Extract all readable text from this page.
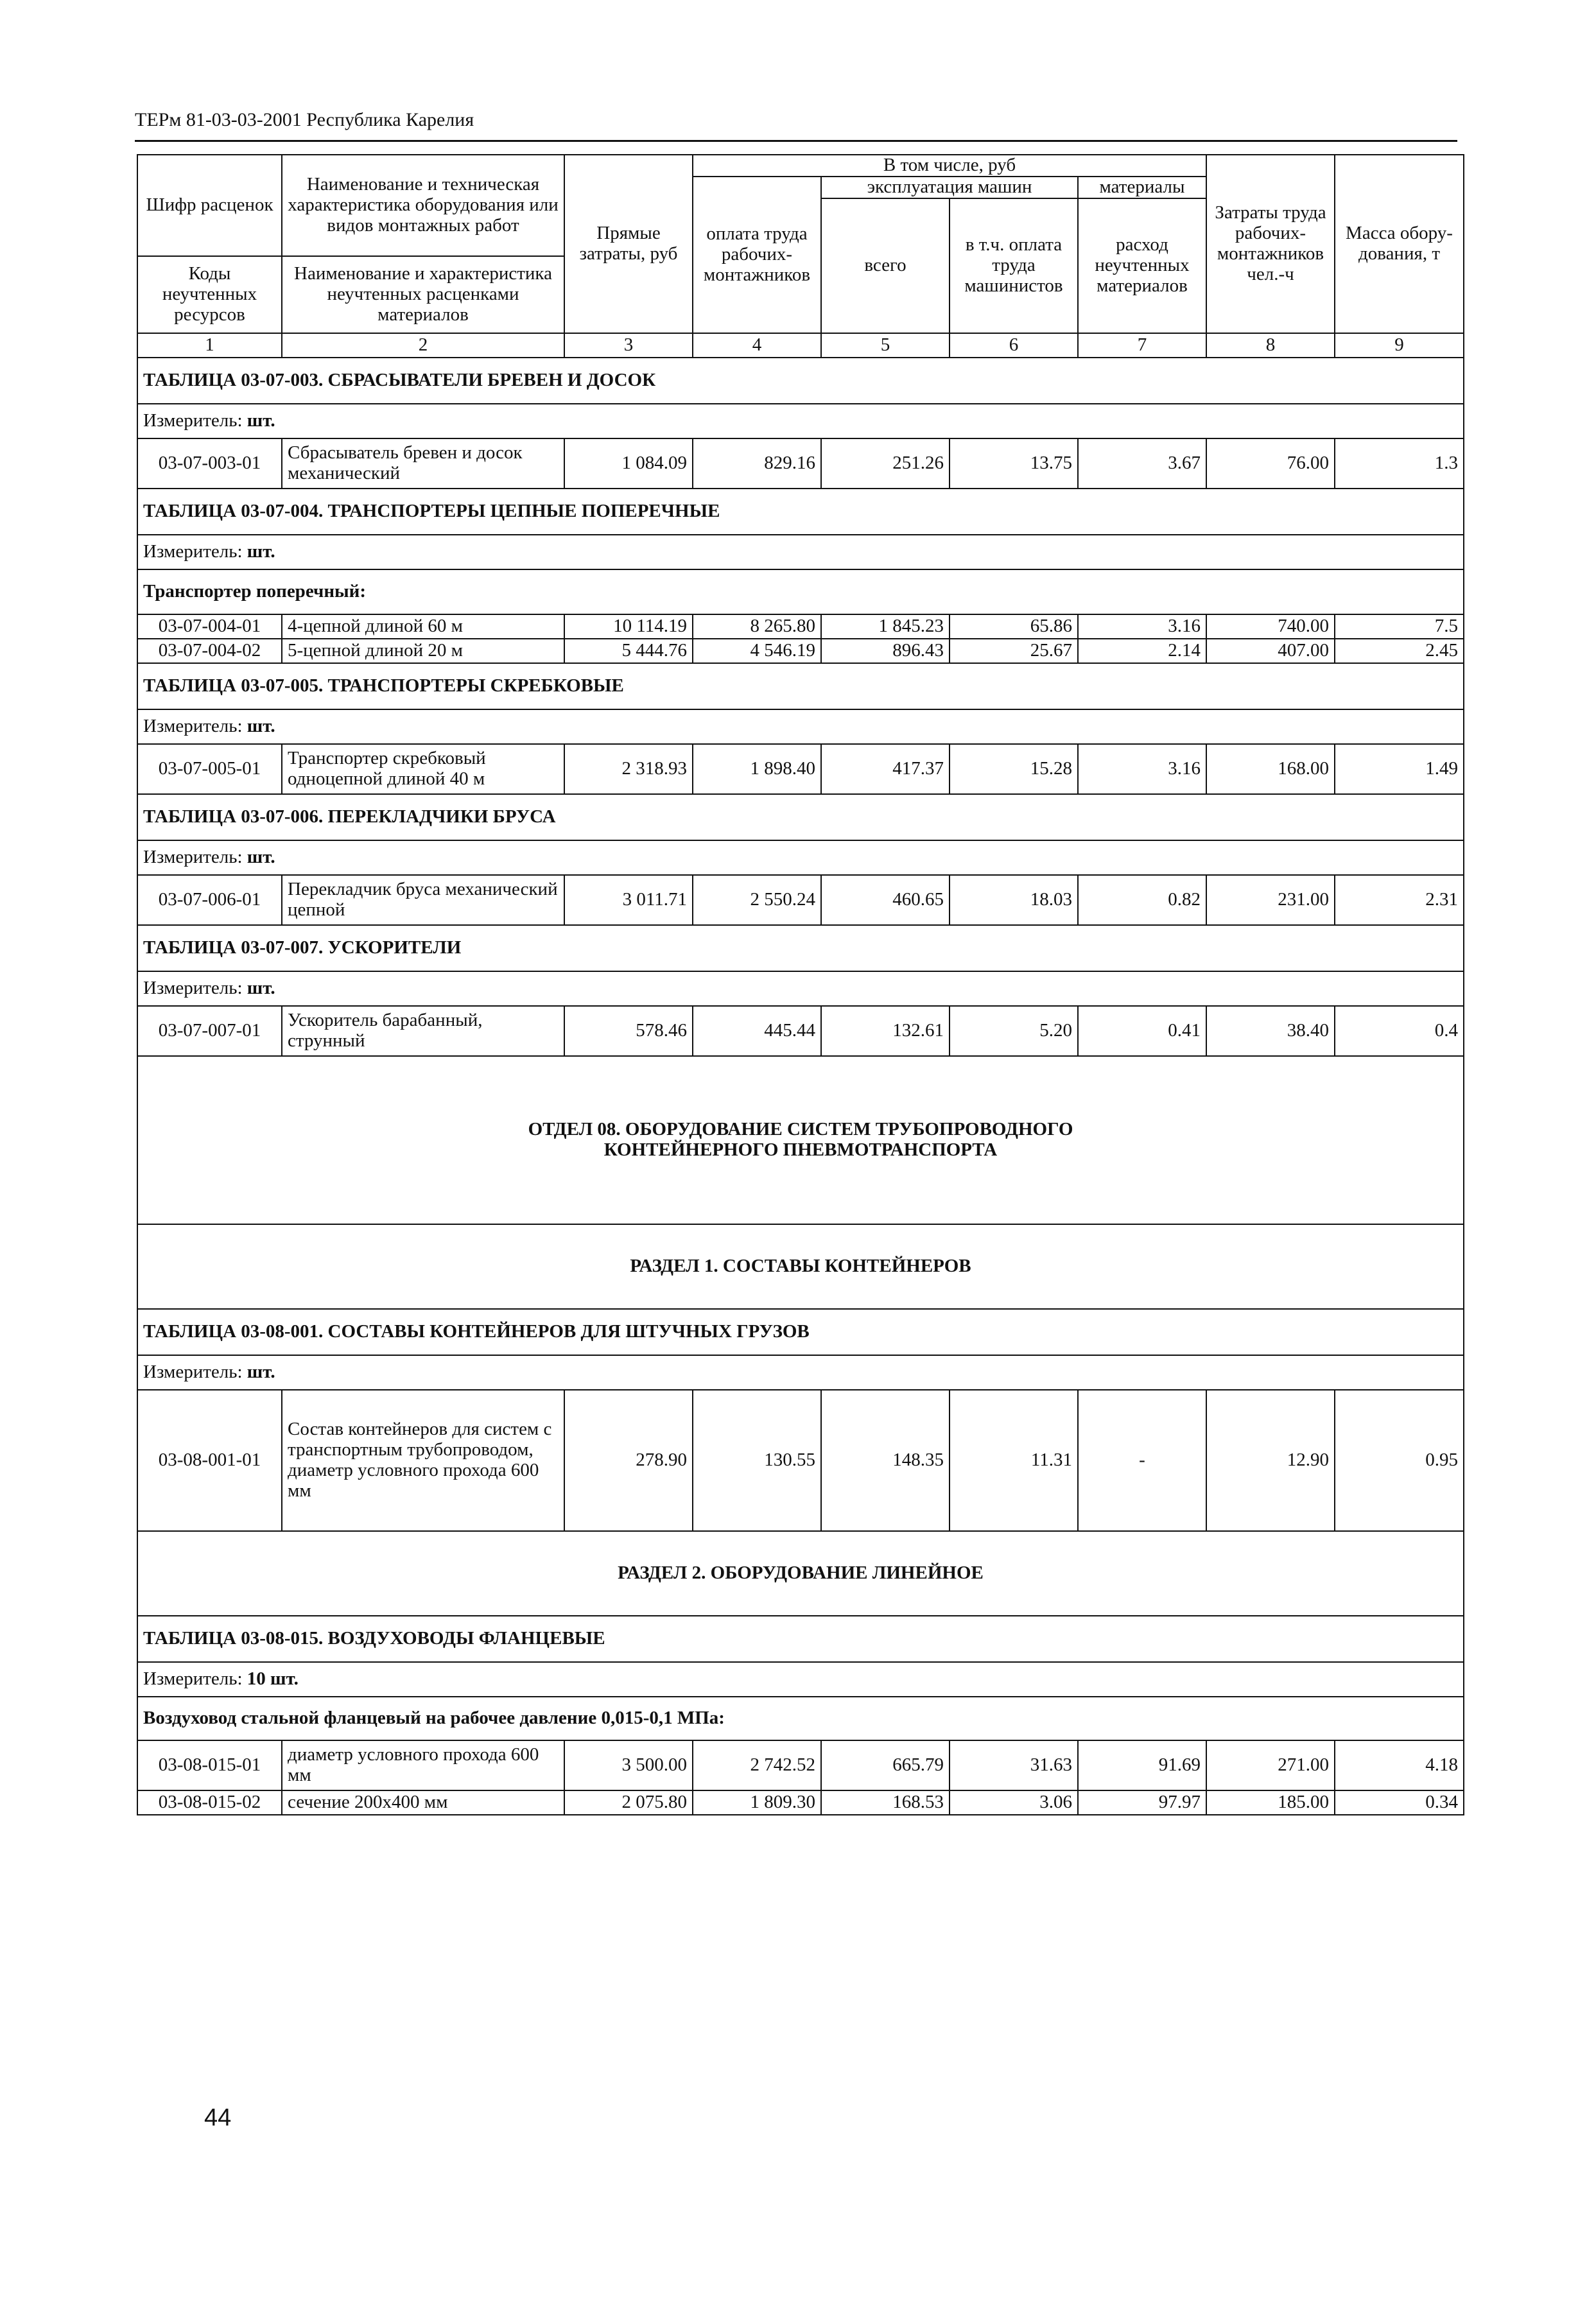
ТЕРм 81-03-03-2001 Республика Карелия
Шифр расценок	Наименование и техническая характеристика оборудования или видов монтажных работ	Прямые затраты, руб	В том числе, руб				Затраты труда рабочих-монтажников чел.-ч	Масса обору-дования, т
			оплата труда рабочих-монтажников	эксплуатация машин		материалы		
				всего	в т.ч. оплата труда машинистов	расход неучтенных материалов		
Коды неучтенных ресурсов	Наименование и характеристика неучтенных расценками материалов							

1	2	3	4	5	6	7	8	9
ТАБЛИЦА 03-07-003. СБРАСЫВАТЕЛИ БРЕВЕН И ДОСОК								
Измеритель: шт.								
03-07-003-01	Сбрасыватель бревен и досок механический	1 084.09	829.16	251.26	13.75	3.67	76.00	1.3
ТАБЛИЦА 03-07-004. ТРАНСПОРТЕРЫ ЦЕПНЫЕ ПОПЕРЕЧНЫЕ								
Измеритель: шт.								
Транспортер поперечный:								
03-07-004-01	4-цепной длиной 60 м	10 114.19	8 265.80	1 845.23	65.86	3.16	740.00	7.5
03-07-004-02	5-цепной длиной 20 м	5 444.76	4 546.19	896.43	25.67	2.14	407.00	2.45
ТАБЛИЦА 03-07-005. ТРАНСПОРТЕРЫ СКРЕБКОВЫЕ								
Измеритель: шт.								
03-07-005-01	Транспортер скребковый одноцепной длиной 40 м	2 318.93	1 898.40	417.37	15.28	3.16	168.00	1.49
ТАБЛИЦА 03-07-006. ПЕРЕКЛАДЧИКИ БРУСА								
Измеритель: шт.								
03-07-006-01	Перекладчик бруса механический цепной	3 011.71	2 550.24	460.65	18.03	0.82	231.00	2.31
ТАБЛИЦА 03-07-007. УСКОРИТЕЛИ								
Измеритель: шт.								
03-07-007-01	Ускоритель барабанный, струнный	578.46	445.44	132.61	5.20	0.41	38.40	0.4

ОТДЕЛ 08. ОБОРУДОВАНИЕ СИСТЕМ ТРУБОПРОВОДНОГО
КОНТЕЙНЕРНОГО ПНЕВМОТРАНСПОРТА								

РАЗДЕЛ 1. СОСТАВЫ КОНТЕЙНЕРОВ								
ТАБЛИЦА 03-08-001. СОСТАВЫ КОНТЕЙНЕРОВ ДЛЯ ШТУЧНЫХ ГРУЗОВ								
Измеритель: шт.								
03-08-001-01	Состав контейнеров для систем с транспортным трубопроводом, диаметр условного прохода 600 мм	278.90	130.55	148.35	11.31	-	12.90	0.95
РАЗДЕЛ 2. ОБОРУДОВАНИЕ ЛИНЕЙНОЕ								
ТАБЛИЦА 03-08-015. ВОЗДУХОВОДЫ ФЛАНЦЕВЫЕ								
Измеритель: 10 шт.								
Воздуховод стальной фланцевый на рабочее давление 0,015-0,1 МПа:								
03-08-015-01	диаметр условного прохода 600 мм	3 500.00	2 742.52	665.79	31.63	91.69	271.00	4.18
03-08-015-02	сечение 200х400 мм	2 075.80	1 809.30	168.53	3.06	97.97	185.00	0.34
44
